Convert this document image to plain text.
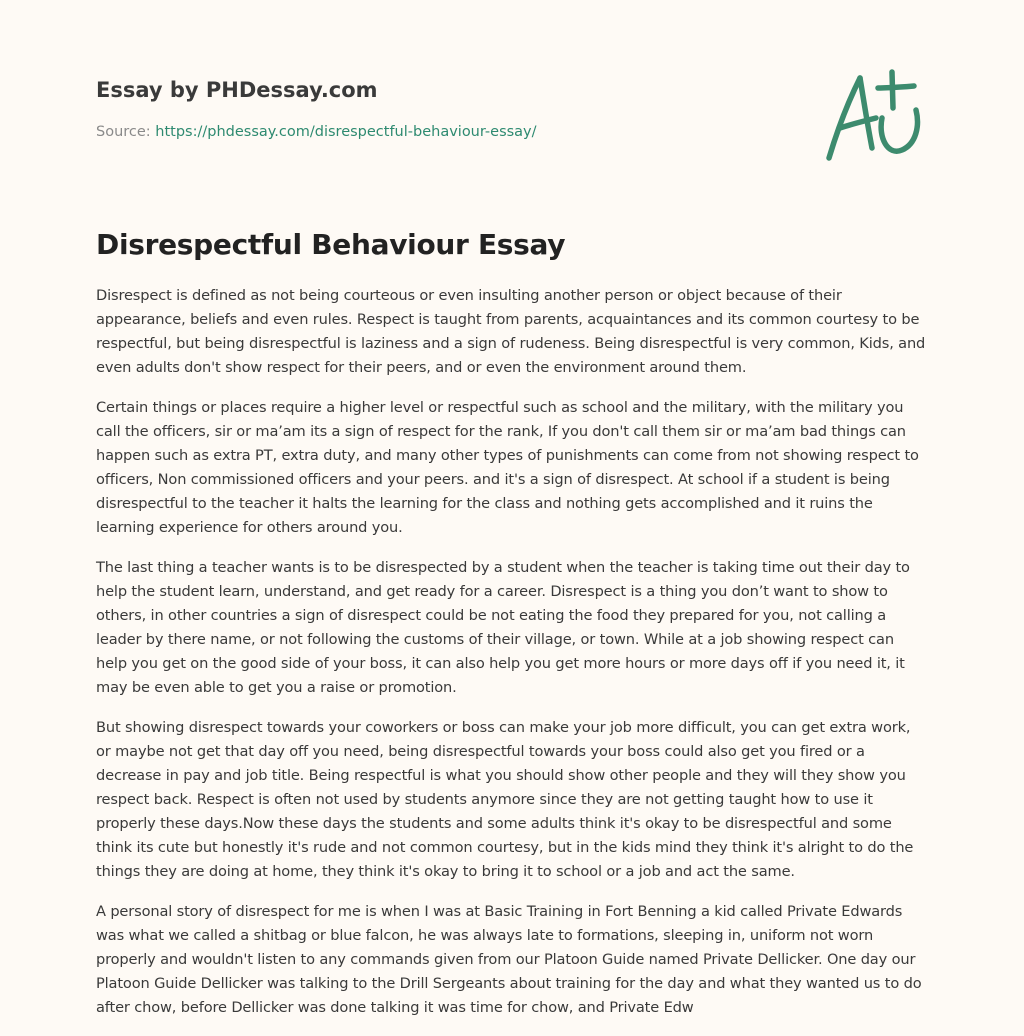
Essay by PHDessay.com
Source: https://phdessay.com/disrespectful-behaviour-essay/
Disrespectful Behaviour Essay

Disrespect is defined as not being courteous or even insulting another person or object because of their appearance, beliefs and even rules. Respect is taught from parents, acquaintances and its common courtesy to be respectful, but being disrespectful is laziness and a sign of rudeness. Being disrespectful is very common, Kids, and even adults don't show respect for their peers, and or even the environment around them.

Certain things or places require a higher level or respectful such as school and the military, with the military you call the officers, sir or ma’am its a sign of respect for the rank, If you don't call them sir or ma’am bad things can happen such as extra PT, extra duty, and many other types of punishments can come from not showing respect to officers, Non commissioned officers and your peers. and it's a sign of disrespect. At school if a student is being disrespectful to the teacher it halts the learning for the class and nothing gets accomplished and it ruins the learning experience for others around you.

The last thing a teacher wants is to be disrespected by a student when the teacher is taking time out their day to help the student learn, understand, and get ready for a career. Disrespect is a thing you don’t want to show to others, in other countries a sign of disrespect could be not eating the food they prepared for you, not calling a leader by there name, or not following the customs of their village, or town. While at a job showing respect can help you get on the good side of your boss, it can also help you get more hours or more days off if you need it, it may be even able to get you a raise or promotion.

But showing disrespect towards your coworkers or boss can make your job more difficult, you can get extra work, or maybe not get that day off you need, being disrespectful towards your boss could also get you fired or a decrease in pay and job title. Being respectful is what you should show other people and they will they show you respect back. Respect is often not used by students anymore since they are not getting taught how to use it properly these days.Now these days the students and some adults think it's okay to be disrespectful and some think its cute but honestly it's rude and not common courtesy, but in the kids mind they think it's alright to do the things they are doing at home, they think it's okay to bring it to school or a job and act the same.

A personal story of disrespect for me is when I was at Basic Training in Fort Benning a kid called Private Edwards was what we called a shitbag or blue falcon, he was always late to formations, sleeping in, uniform not worn properly and wouldn't listen to any commands given from our Platoon Guide named Private Dellicker. One day our Platoon Guide Dellicker was talking to the Drill Sergeants about training for the day and what they wanted us to do after chow, before Dellicker was done talking it was time for chow, and Private Edw
